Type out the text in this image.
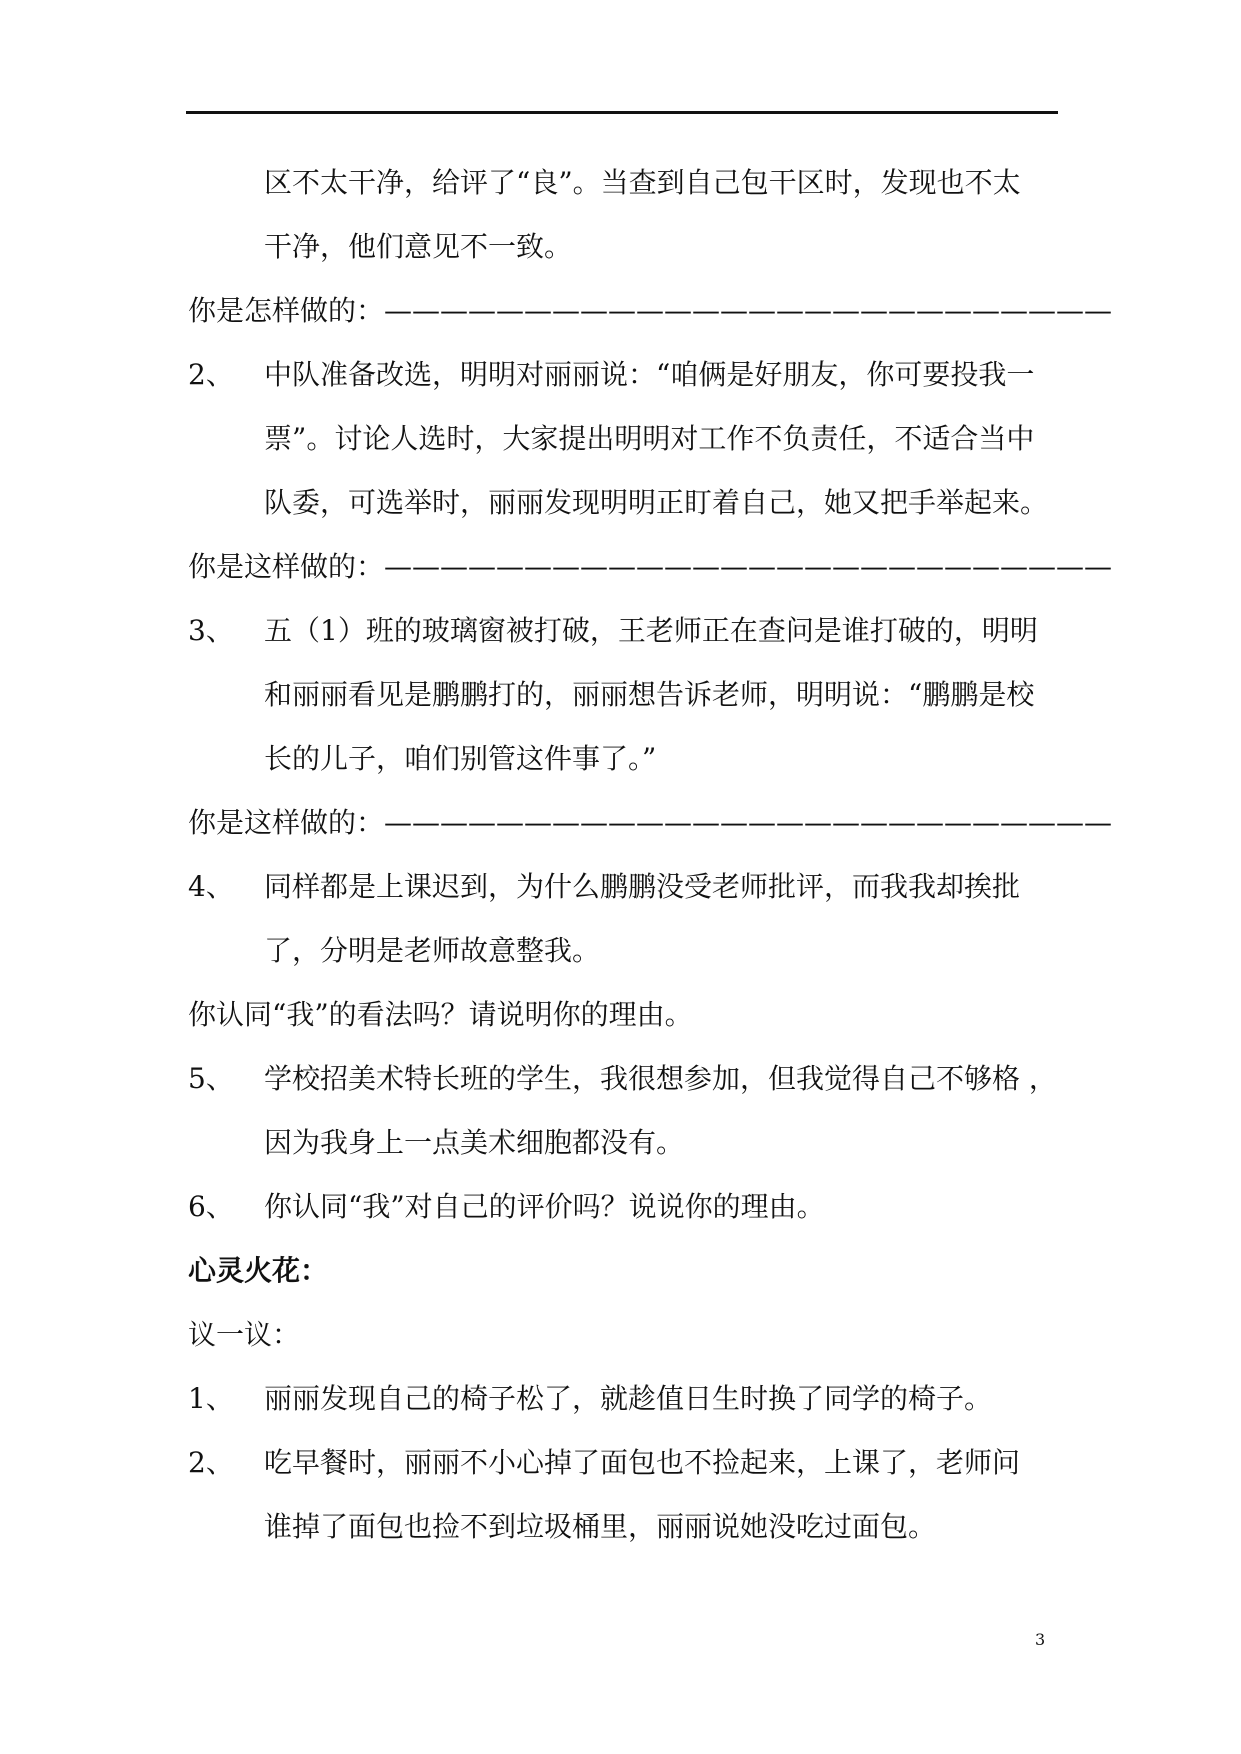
区不太干净，给评了“良”。当查到自己包干区时，发现也不太
干净，他们意见不一致。
你是怎样做的：——————————————————————————
2、 中队准备改选，明明对丽丽说：“咱俩是好朋友，你可要投我一
票”。讨论人选时，大家提出明明对工作不负责任，不适合当中
队委，可选举时，丽丽发现明明正盯着自己，她又把手举起来。
你是这样做的：——————————————————————————
3、 五（1）班的玻璃窗被打破，王老师正在查问是谁打破的，明明
和丽丽看见是鹏鹏打的，丽丽想告诉老师，明明说：“鹏鹏是校
长的儿子，咱们别管这件事了。”
你是这样做的：——————————————————————————
4、 同样都是上课迟到，为什么鹏鹏没受老师批评，而我我却挨批
了，分明是老师故意整我。
你认同“我”的看法吗？请说明你的理由。
5、 学校招美术特长班的学生，我很想参加，但我觉得自己不够格 ，
因为我身上一点美术细胞都没有。
6、 你认同“我”对自己的评价吗？说说你的理由。
心灵火花：
议一议：
1、 丽丽发现自己的椅子松了，就趁值日生时换了同学的椅子。
2、 吃早餐时，丽丽不小心掉了面包也不捡起来，上课了，老师问
谁掉了面包也捡不到垃圾桶里，丽丽说她没吃过面包。
3
